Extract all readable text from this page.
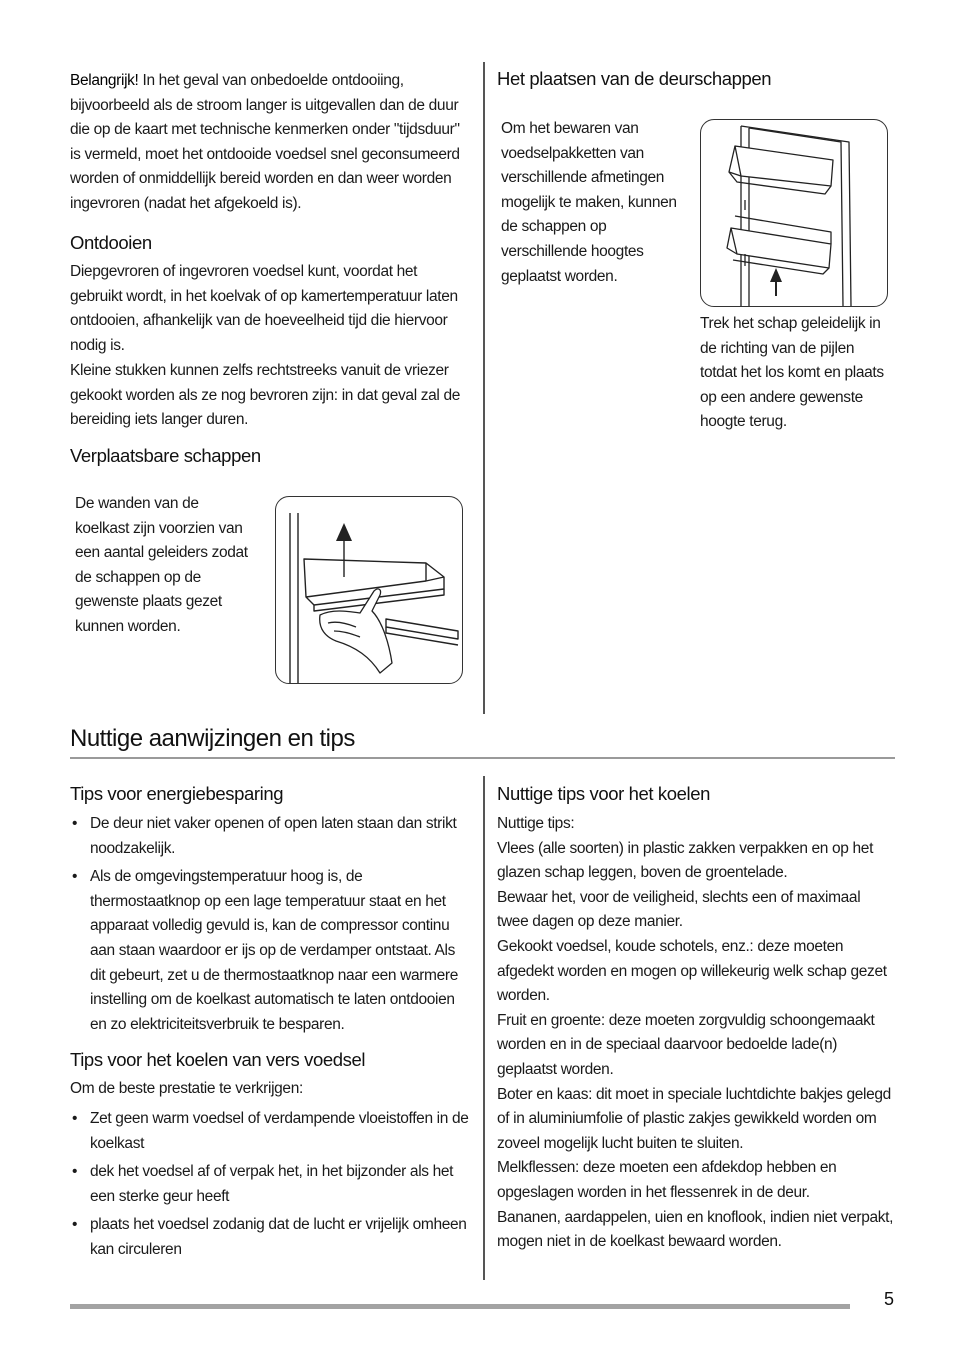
Belangrijk! In het geval van onbedoelde ontdooiing, bijvoorbeeld als de stroom langer is uitgevallen dan de duur die op de kaart met technische kenmerken onder "tijdsduur" is vermeld, moet het ontdooide voedsel snel geconsumeerd worden of onmiddellijk bereid worden en dan weer worden ingevroren (nadat het afgekoeld is).

Ontdooien

Diepgevroren of ingevroren voedsel kunt, voordat het gebruikt wordt, in het koelvak of op kamertemperatuur laten ontdooien, afhankelijk van de hoeveelheid tijd die hiervoor nodig is.

Kleine stukken kunnen zelfs rechtstreeks vanuit de vriezer gekookt worden als ze nog bevroren zijn: in dat geval zal de bereiding iets langer duren.

Verplaatsbare schappen

De wanden van de koelkast zijn voorzien van een aantal geleiders zodat de schappen op de gewenste plaats gezet kunnen worden.

Het plaatsen van de deurschappen

Om het bewaren van voedselpakketten van verschillende afmetingen mogelijk te maken, kunnen de schappen op verschillende hoogtes geplaatst worden.

Trek het schap geleidelijk in de richting van de pijlen totdat het los komt en plaats op een andere gewenste hoogte terug.

Nuttige aanwijzingen en tips
Tips voor energiebesparing
• De deur niet vaker openen of open laten staan dan strikt noodzakelijk.
• Als de omgevingstemperatuur hoog is, de thermostaatknop op een lage temperatuur staat en het apparaat volledig gevuld is, kan de compressor continu aan staan waardoor er ijs op de verdamper ontstaat. Als dit gebeurt, zet u de thermostaatknop naar een warmere instelling om de koelkast automatisch te laten ontdooien en zo elektriciteitsverbruik te besparen.
Tips voor het koelen van vers voedsel

Om de beste prestatie te verkrijgen:

• Zet geen warm voedsel of verdampende vloeistoffen in de koelkast
• dek het voedsel af of verpak het, in het bijzonder als het een sterke geur heeft
• plaats het voedsel zodanig dat de lucht er vrijelijk omheen kan circuleren
Nuttige tips voor het koelen

Nuttige tips:

Vlees (alle soorten) in plastic zakken verpakken en op het glazen schap leggen, boven de groentelade.

Bewaar het, voor de veiligheid, slechts een of maximaal twee dagen op deze manier.

Gekookt voedsel, koude schotels, enz.: deze moeten afgedekt worden en mogen op willekeurig welk schap gezet worden.

Fruit en groente: deze moeten zorgvuldig schoongemaakt worden en in de speciaal daarvoor bedoelde lade(n) geplaatst worden.

Boter en kaas: dit moet in speciale luchtdichte bakjes gelegd of in aluminiumfolie of plastic zakjes gewikkeld worden om zoveel mogelijk lucht buiten te sluiten.

Melkflessen: deze moeten een afdekdop hebben en opgeslagen worden in het flessenrek in de deur.

Bananen, aardappelen, uien en knoflook, indien niet verpakt, mogen niet in de koelkast bewaard worden.

5
